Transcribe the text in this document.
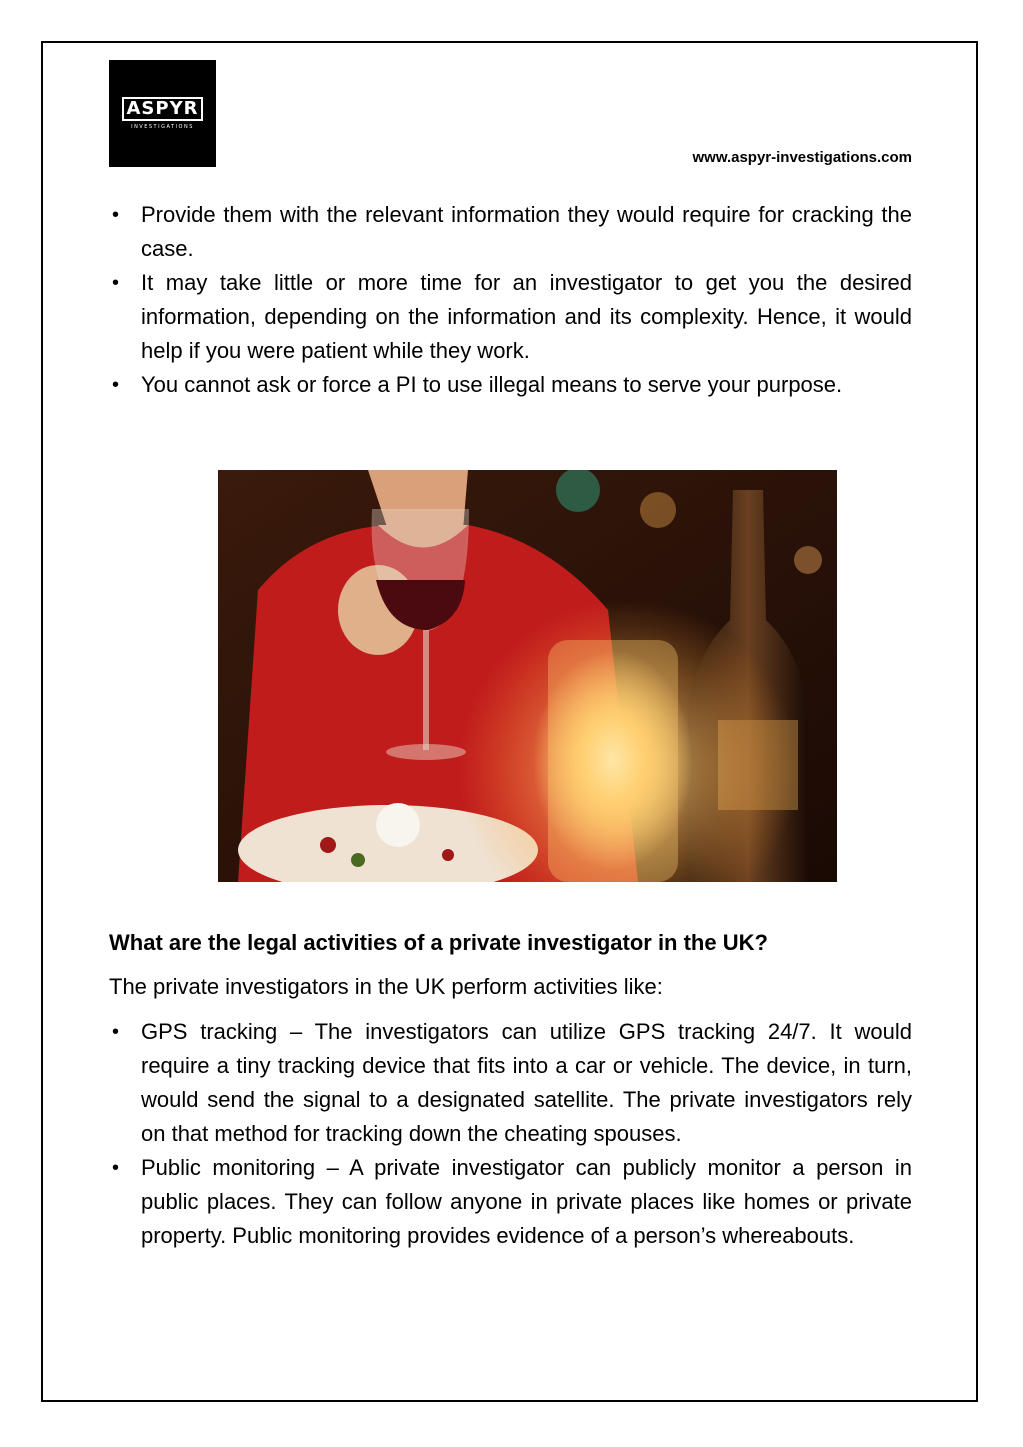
ASPYR
INVESTIGATIONS
www.aspyr-investigations.com
• Provide them with the relevant information they would require for cracking the case.
• It may take little or more time for an investigator to get you the desired information, depending on the information and its complexity. Hence, it would help if you were patient while they work.
• You cannot ask or force a PI to use illegal means to serve your purpose.
What are the legal activities of a private investigator in the UK?
The private investigators in the UK perform activities like:
• GPS tracking – The investigators can utilize GPS tracking 24/7. It would require a tiny tracking device that fits into a car or vehicle. The device, in turn, would send the signal to a designated satellite. The private investigators rely on that method for tracking down the cheating spouses.
• Public monitoring – A private investigator can publicly monitor a person in public places. They can follow anyone in private places like homes or private property. Public monitoring provides evidence of a person’s whereabouts.
